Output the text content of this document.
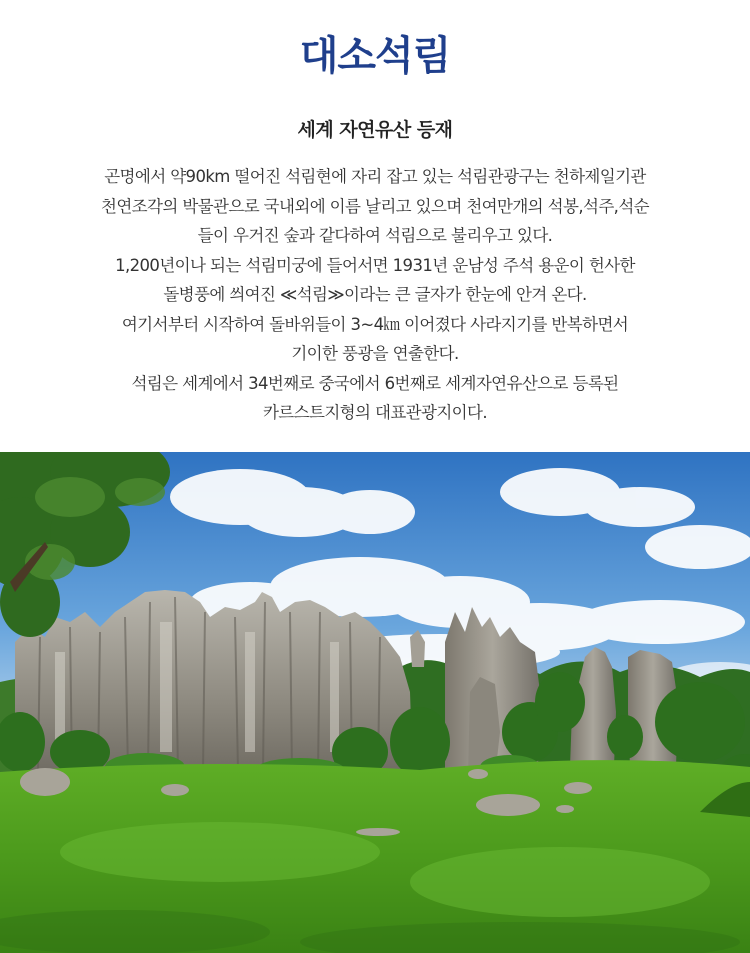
대소석림
세계 자연유산 등재
곤명에서 약90km 떨어진 석림현에 자리 잡고 있는 석림관광구는 천하제일기관
천연조각의 박물관으로 국내외에 이름 날리고 있으며 천여만개의 석봉,석주,석순
들이 우거진 숲과 같다하여 석림으로 불리우고 있다.
1,200년이나 되는 석림미궁에 들어서면 1931년 운남성 주석 용운이 헌사한
돌병풍에 씌여진 ≪석림≫이라는 큰 글자가 한눈에 안겨 온다.
여기서부터 시작하여 돌바위들이 3~4㎞ 이어졌다 사라지기를 반복하면서
기이한 풍광을 연출한다.
석림은 세계에서 34번째로 중국에서 6번째로 세계자연유산으로 등록된
카르스트지형의 대표관광지이다.
